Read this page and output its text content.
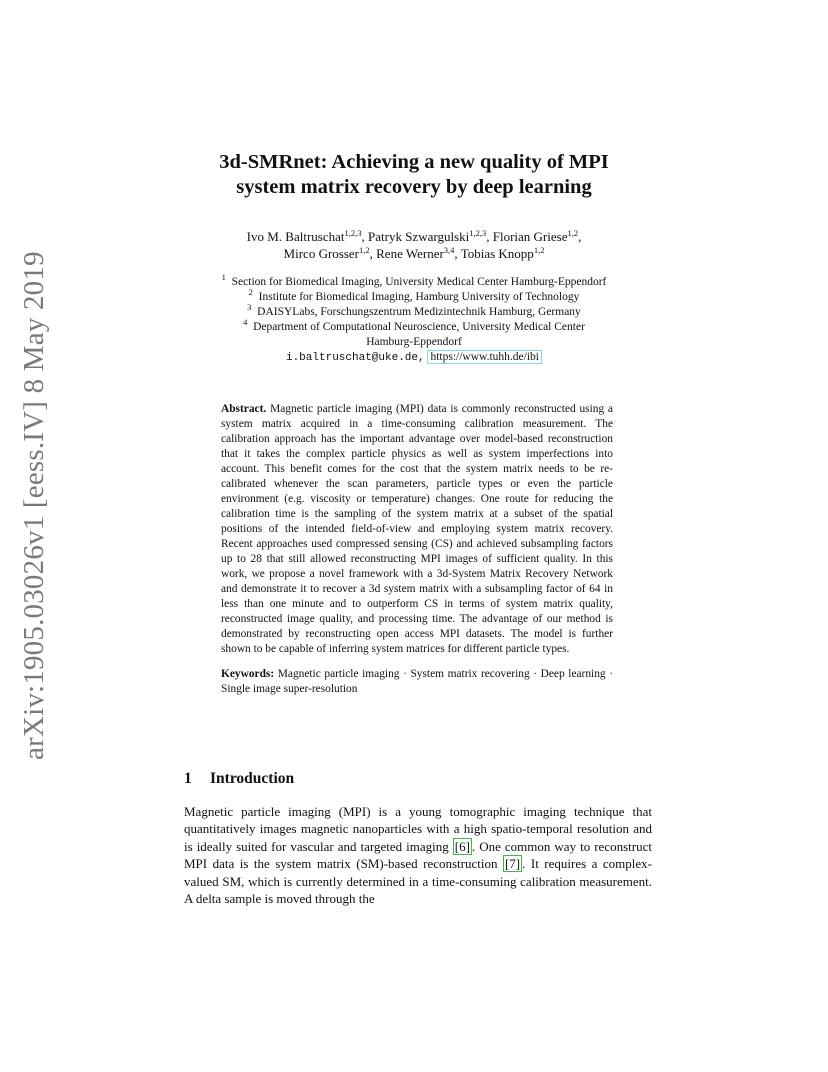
arXiv:1905.03026v1 [eess.IV] 8 May 2019
3d-SMRnet: Achieving a new quality of MPI
system matrix recovery by deep learning
Ivo M. Baltruschat$^{1,2,3}$, Patryk Szwargulski$^{1,2,3}$, Florian Griese$^{1,2}$,
Mirco Grosser$^{1,2}$, Rene Werner$^{3,4}$, Tobias Knopp$^{1,2}$
$^1$ Section for Biomedical Imaging, University Medical Center Hamburg-Eppendorf
$^2$ Institute for Biomedical Imaging, Hamburg University of Technology
$^3$ DAISYLabs, Forschungszentrum Medizintechnik Hamburg, Germany
$^4$ Department of Computational Neuroscience, University Medical Center
Hamburg-Eppendorf
i.baltruschat@uke.de, https://www.tuhh.de/ibi

Abstract. Magnetic particle imaging (MPI) data is commonly reconstructed using a system matrix acquired in a time-consuming calibration measurement. The calibration approach has the important advantage over model-based reconstruction that it takes the complex particle physics as well as system imperfections into account. This benefit comes for the cost that the system matrix needs to be re-calibrated whenever the scan parameters, particle types or even the particle environment (e.g. viscosity or temperature) changes. One route for reducing the calibration time is the sampling of the system matrix at a subset of the spatial positions of the intended field-of-view and employing system matrix recovery. Recent approaches used compressed sensing (CS) and achieved subsampling factors up to 28 that still allowed reconstructing MPI images of sufficient quality. In this work, we propose a novel framework with a 3d-System Matrix Recovery Network and demonstrate it to recover a 3d system matrix with a subsampling factor of 64 in less than one minute and to outperform CS in terms of system matrix quality, reconstructed image quality, and processing time. The advantage of our method is demonstrated by reconstructing open access MPI datasets. The model is further shown to be capable of inferring system matrices for different particle types.

Keywords: Magnetic particle imaging · System matrix recovering · Deep learning · Single image super-resolution

1 Introduction

Magnetic particle imaging (MPI) is a young tomographic imaging technique that quantitatively images magnetic nanoparticles with a high spatio-temporal resolution and is ideally suited for vascular and targeted imaging [6] . One common way to reconstruct MPI data is the system matrix (SM)-based reconstruction [7] . It requires a complex-valued SM, which is currently determined in a time-consuming calibration measurement. A delta sample is moved through the
